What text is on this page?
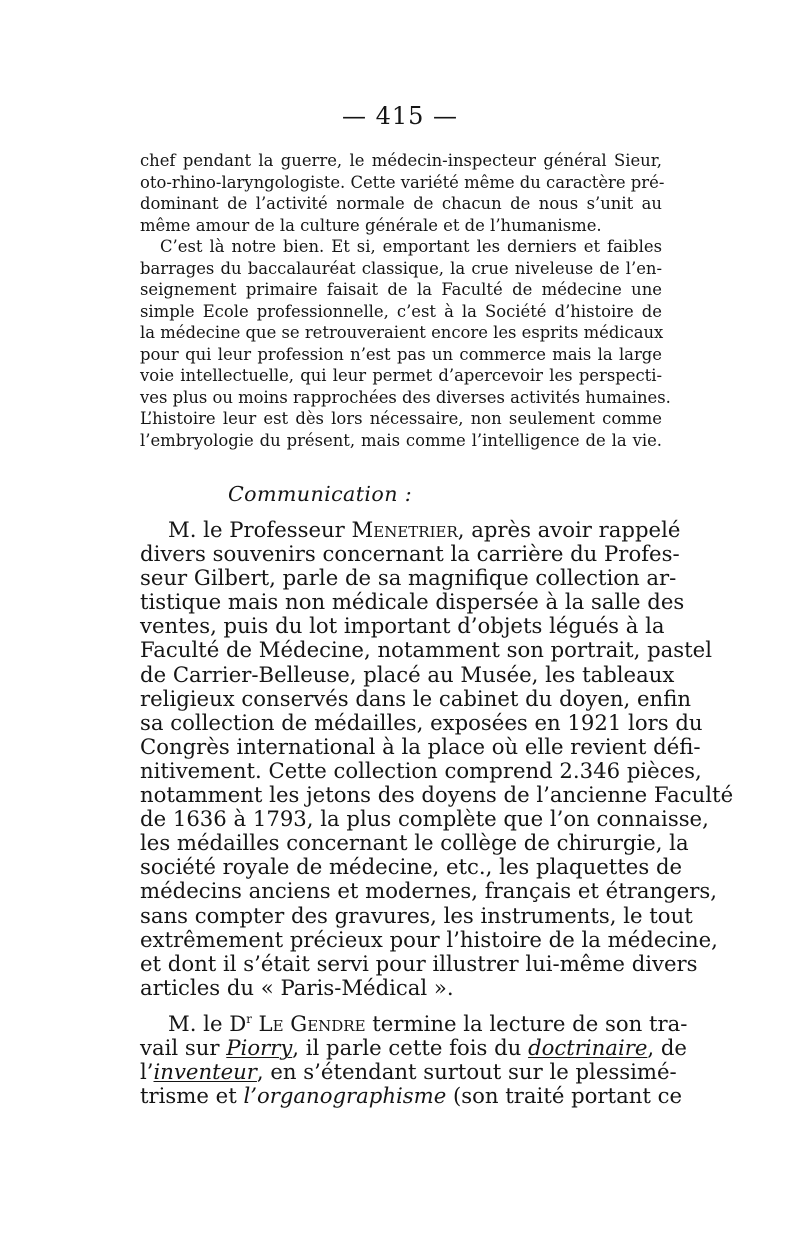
— 415 —
chef pendant la guerre, le médecin-inspecteur général Sieur,
oto-rhino-laryngologiste. Cette variété même du caractère pré-
dominant de l’activité normale de chacun de nous s’unit au
même amour de la culture générale et de l’humanisme.
C’est là notre bien. Et si, emportant les derniers et faibles
barrages du baccalauréat classique, la crue niveleuse de l’en-
seignement primaire faisait de la Faculté de médecine une
simple Ecole professionnelle, c’est à la Société d’histoire de
la médecine que se retrouveraient encore les esprits médicaux
pour qui leur profession n’est pas un commerce mais la large
voie intellectuelle, qui leur permet d’apercevoir les perspecti-
ves plus ou moins rapprochées des diverses activités humaines.
L’histoire leur est dès lors nécessaire, non seulement comme
l’embryologie du présent, mais comme l’intelligence de la vie.
Communication :
M. le Professeur Menetrier, après avoir rappelé
divers souvenirs concernant la carrière du Profes-
seur Gilbert, parle de sa magnifique collection ar-
tistique mais non médicale dispersée à la salle des
ventes, puis du lot important d’objets légués à la
Faculté de Médecine, notamment son portrait, pastel
de Carrier-Belleuse, placé au Musée, les tableaux
religieux conservés dans le cabinet du doyen, enfin
sa collection de médailles, exposées en 1921 lors du
Congrès international à la place où elle revient défi-
nitivement. Cette collection comprend 2.346 pièces,
notamment les jetons des doyens de l’ancienne Faculté
de 1636 à 1793, la plus complète que l’on connaisse,
les médailles concernant le collège de chirurgie, la
société royale de médecine, etc., les plaquettes de
médecins anciens et modernes, français et étrangers,
sans compter des gravures, les instruments, le tout
extrêmement précieux pour l’histoire de la médecine,
et dont il s’était servi pour illustrer lui-même divers
articles du « Paris-Médical ».
M. le $D^r$ Le Gendre termine la lecture de son tra-
vail sur Piorry, il parle cette fois du doctrinaire, de
l’inventeur, en s’étendant surtout sur le plessimé-
trisme et l’organographisme (son traité portant ce
